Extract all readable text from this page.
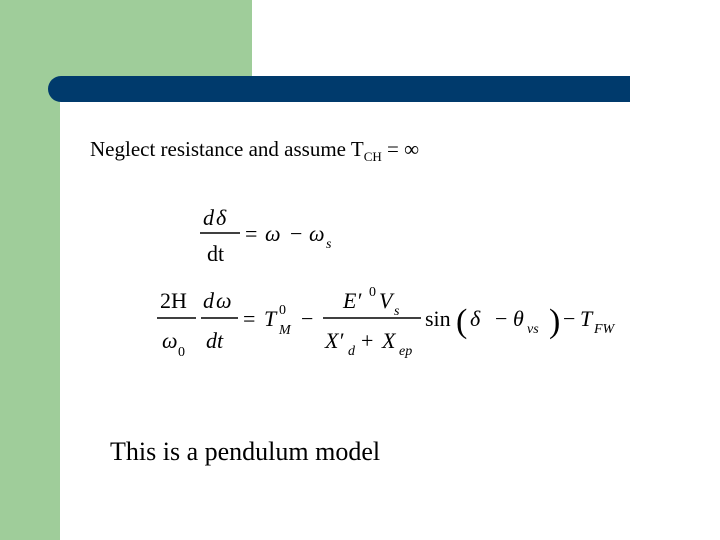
Neglect resistance and assume $T_{CH}$ = ∞
d δ
dt
= ω − ω s
2H
ω 0
d ω
dt
= T 0
M −
E′ 0 V s
X′ d + X ep
sin ( δ − θ vs ) − T FW
This is a pendulum model
